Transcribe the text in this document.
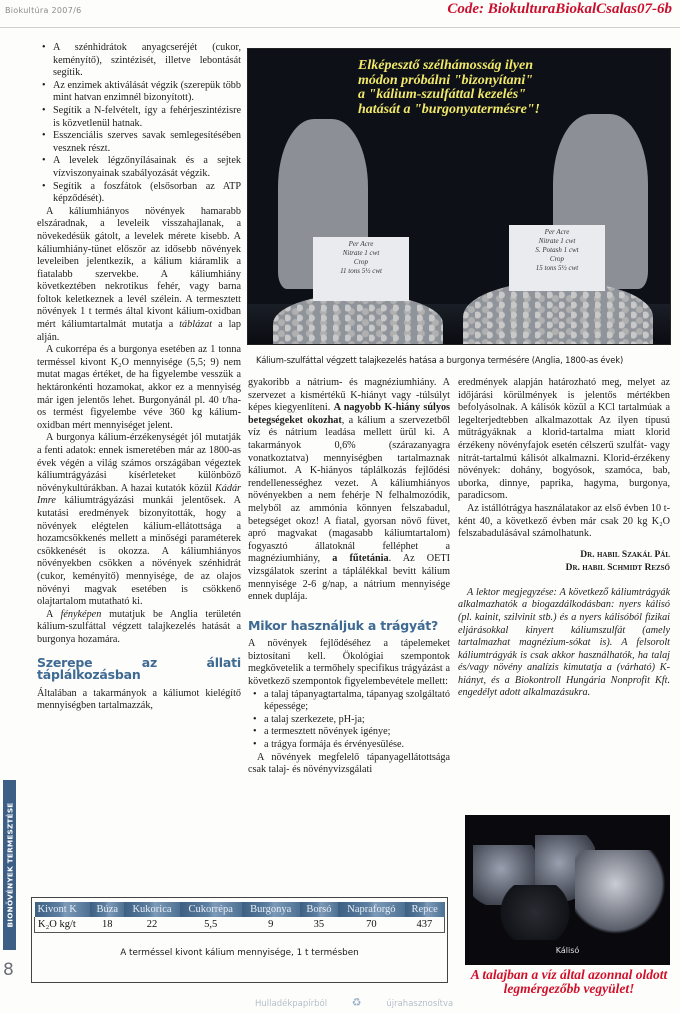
Biokultúra 2007/6	Code: BiokulturaBiokalCsalas07-6b
• A szénhidrátok anyagcseréjét (cukor, keményítő), szintézisét, illetve lebontását segítik.
• Az enzimek aktiválását végzik (szerepük több mint hatvan enzimnél bizonyított).
• Segítik a N-felvételt, így a fehérjeszintézisre is közvetlenül hatnak.
• Esszenciális szerves savak semlegesítésében vesznek részt.
• A levelek légzőnyílásainak és a sejtek vízviszonyainak szabályozását végzik.
• Segítik a foszfátok (elsősorban az ATP képződését).

A káliumhiányos növények hamarabb elszáradnak, a leveleik visszahajlanak, a növekedésük gátolt, a levelek mérete kisebb. A káliumhiány-tünet először az idősebb növények leveleiben jelentkezik, a kálium kiáramlik a fiatalabb szervekbe. A káliumhiány következtében nekrotikus fehér, vagy barna foltok keletkeznek a levél szélein. A termesztett növények 1 t termés által kivont kálium-oxidban mért káliumtartalmát mutatja a táblázat a lap alján.

A cukorrépa és a burgonya esetében az 1 tonna terméssel kivont K₂O mennyisége (5,5; 9) nem mutat magas értéket, de ha figyelembe vesszük a hektáronkénti hozamokat, akkor ez a mennyiség már igen jelentős lehet. Burgonyánál pl. 40 t/ha-os termést figyelembe véve 360 kg kálium-oxidban mért mennyiséget jelent.

A burgonya kálium-érzékenységét jól mutatják a fenti adatok: ennek ismeretében már az 1800-as évek végén a világ számos országában végeztek káliumtrágyázási kísérleteket különböző növénykultúrákban. A hazai kutatók közül Kádár Imre káliumtrágyázási munkái jelentősek. A kutatási eredmények bizonyították, hogy a növények elégtelen kálium-ellátottsága a hozamcsökkenés mellett a minőségi paraméterek csökkenését is okozza. A káliumhiányos növényekben csökken a növények szénhidrát (cukor, keményítő) mennyisége, de az olajos növényi magvak esetében is csökkenő olajtartalom mutatható ki.

A fényképen mutatjuk be Anglia területén kálium-szulfáttal végzett talajkezelés hatását a burgonya hozamára.

Szerepe az állati táplálkozásban

Általában a takarmányok a káliumot kielégítő mennyiségben tartalmazzák,

Per Acre
Nitrate 1 cwt
Crop
11 tons 5½ cwt
Per Acre
Nitrate 1 cwt
S. Potash 1 cwt
Crop
15 tons 5½ cwt
Elképesztő szélhámosság ilyen
módon próbálni "bizonyítani"
a "kálium-szulfáttal kezelés"
hatását a "burgonyatermésre"!
Kálium-szulfáttal végzett talajkezelés hatása a burgonya termésére (Anglia, 1800-as évek)

gyakoribb a nátrium- és magnéziumhiány. A szervezet a kismértékű K-hiányt vagy -túlsúlyt képes kiegyenlíteni. A nagyobb K-hiány súlyos betegségeket okozhat, a kálium a szervezetből víz és nátrium leadása mellett ürül ki. A takarmányok 0,6% (szárazanyagra vonatkoztatva) mennyiségben tartalmaznak káliumot. A K-hiányos táplálkozás fejlődési rendellenességhez vezet. A káliumhiányos növényekben a nem fehérje N felhalmozódik, melyből az ammónia könnyen felszabadul, betegséget okoz! A fiatal, gyorsan növő füvet, apró magvakat (magasabb káliumtartalom) fogyasztó állatoknál felléphet a magnéziumhiány, a fűtetánia. Az OETI vizsgálatok szerint a táplálékkal bevitt kálium mennyisége 2-6 g/nap, a nátrium mennyisége ennek duplája.

Mikor használjuk a trágyát?

A növények fejlődéséhez a tápelemeket biztosítani kell. Ökológiai szempontok megkövetelik a termőhely specifikus trágyázást a következő szempontok figyelembevétele mellett:

• a talaj tápanyagtartalma, tápanyag szolgáltató képessége;
• a talaj szerkezete, pH-ja;
• a termesztett növények igénye;
• a trágya formája és érvényesülése.

A növények megfelelő tápanyagellátottsága csak talaj- és növényvizsgálati

eredmények alapján határozható meg, melyet az időjárási körülmények is jelentős mértékben befolyásolnak. A kálisók közül a KCl tartalmúak a legelterjedtebben alkalmazottak Az ilyen típusú műtrágyáknak a klorid-tartalma miatt klorid érzékeny növényfajok esetén célszerű szulfát- vagy nitrát-tartalmú kálisót alkalmazni. Klorid-érzékeny növények: dohány, bogyósok, szamóca, bab, uborka, dinnye, paprika, hagyma, burgonya, paradicsom.

Az istállótrágya használatakor az első évben 10 t-ként 40, a következő évben már csak 20 kg K₂O felszabadulásával számolhatunk.

Dr. habil Szakál Pál
Dr. habil Schmidt Rezső

A lektor megjegyzése: A következő káliumtrágyák alkalmazhatók a biogazdálkodásban: nyers kálisó (pl. kainit, szilvinit stb.) és a nyers kálisóból fizikai eljárásokkal kinyert káliumszulfát (amely tartalmazhat magnézium-sókat is). A felsorolt káliumtrágyák is csak akkor használhatók, ha talaj és/vagy növény analízis kimutatja a (várható) K-hiányt, és a Biokontroll Hungária Nonprofit Kft. engedélyt adott alkalmazásukra.

Kálisó
A talajban a víz által azonnal oldott legmérgezőbb vegyület!
Kivont K	Búza	Kukorica	Cukorrépa	Burgonya	Borsó	Napraforgó	Repce
K₂O kg/t	18	22	5,5	9	35	70	437
A terméssel kivont kálium mennyisége, 1 t termésben
BIONÖVÉNYEK TERMESZTÉSE
8
Hulladékpapírból ♻	újrahasznosítva
